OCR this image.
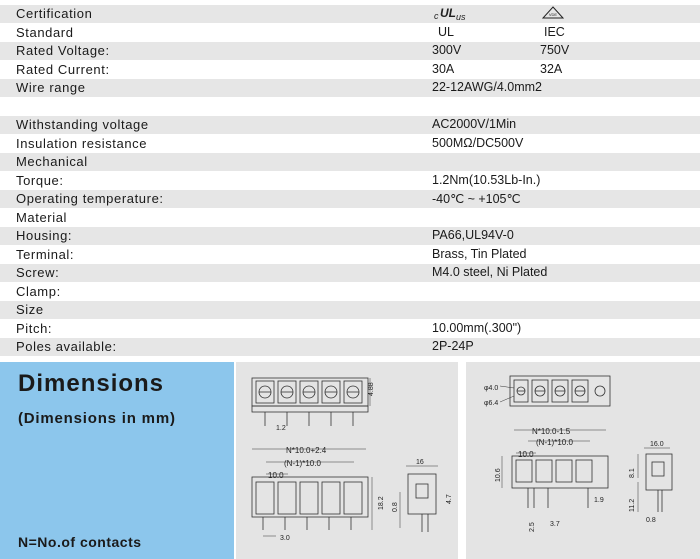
Certification	c UL us	VDE
Standard	UL	IEC
Rated Voltage:	300V	750V
Rated Current:	30A	32A
Wire range	22-12AWG/4.0mm2
Withstanding voltage	AC2000V/1Min
Insulation resistance	500MΩ/DC500V
Mechanical
Torque:	1.2Nm(10.53Lb-In.)
Operating temperature:	-40℃ ~ +105℃
Material
Housing:	PA66,UL94V-0
Terminal:	Brass, Tin Plated
Screw:	M4.0 steel, Ni Plated
Clamp:
Size
Pitch:	10.00mm(.300")
Poles available:	2P-24P
Dimensions
(Dimensions in mm)
N=No.of contacts
4.88
1.2
N*10.0+2.4
(N-1)*10.0
10.0
18.2
3.0
16
0.8
4.7
φ4.0
φ6.4
N*10.0-1.5
(N-1)*10.0
10.0
10.6
1.9
2.5 3.7
16.0
8.1
11.2
0.8
